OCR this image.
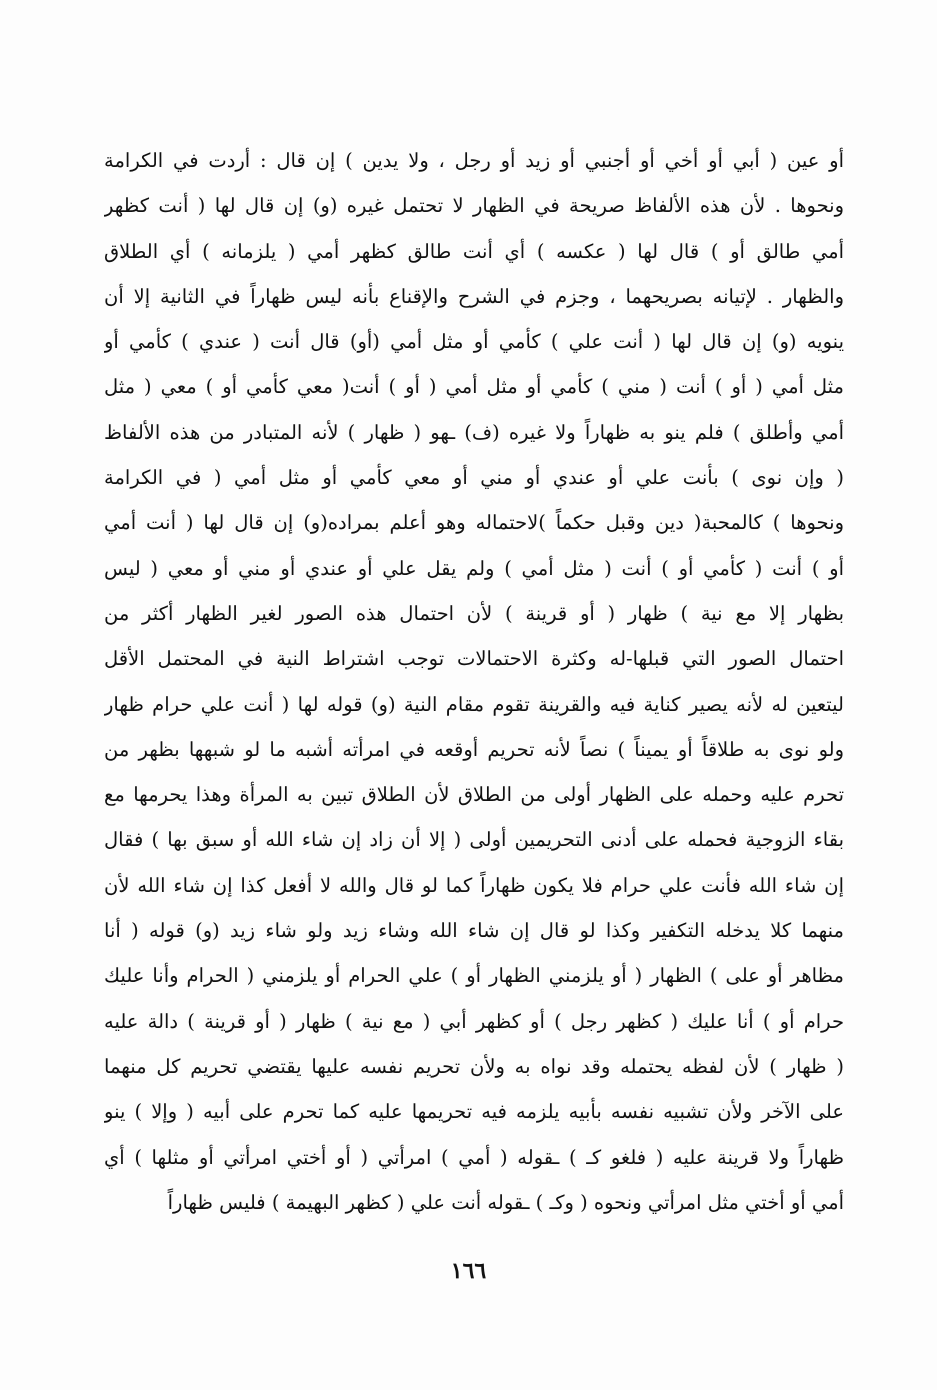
أو عين ( أبي أو أخي أو أجنبي أو زيد أو رجل ، ولا يدين ) إن قال : أردت في الكرامة
ونحوها . لأن هذه الألفاظ صريحة في الظهار لا تحتمل غيره (و) إن قال لها ( أنت كظهر
أمي طالق أو ) قال لها ( عكسه ) أي أنت طالق كظهر أمي ( يلزمانه ) أي الطلاق
والظهار . لإتيانه بصريحهما ، وجزم في الشرح والإقناع بأنه ليس ظهاراً في الثانية إلا أن
ينويه (و) إن قال لها ( أنت علي ) كأمي أو مثل أمي (أو) قال أنت ( عندي ) كأمي أو
مثل أمي ( أو ) أنت ( مني ) كأمي أو مثل أمي ( أو ) أنت( معي كأمي أو ) معي ( مثل
أمي وأطلق ) فلم ينو به ظهاراً ولا غيره (ف) ـهو ( ظهار ) لأنه المتبادر من هذه الألفاظ
( وإن نوى ) بأنت علي أو عندي أو مني أو معي كأمي أو مثل أمي ( في الكرامة
ونحوها ) كالمحبة( دين وقبل حكماً )لاحتماله وهو أعلم بمراده(و) إن قال لها ( أنت أمي
أو ) أنت ( كأمي أو ) أنت ( مثل أمي ) ولم يقل علي أو عندي أو مني أو معي ( ليس
بظهار إلا مع نية ) ظهار ( أو قرينة ) لأن احتمال هذه الصور لغير الظهار أكثر من
احتمال الصور التي قبلها-له وكثرة الاحتمالات توجب اشتراط النية في المحتمل الأقل
ليتعين له لأنه يصير كناية فيه والقرينة تقوم مقام النية (و) قوله لها ( أنت علي حرام ظهار
ولو نوى به طلاقاً أو يميناً ) نصاً لأنه تحريم أوقعه في امرأته أشبه ما لو شبهها بظهر من
تحرم عليه وحمله على الظهار أولى من الطلاق لأن الطلاق تبين به المرأة وهذا يحرمها مع
بقاء الزوجية فحمله على أدنى التحريمين أولى ( إلا أن زاد إن شاء الله أو سبق بها ) فقال
إن شاء الله فأنت علي حرام فلا يكون ظهاراً كما لو قال والله لا أفعل كذا إن شاء الله لأن
منهما كلا يدخله التكفير وكذا لو قال إن شاء الله وشاء زيد ولو شاء زيد (و) قوله ( أنا
مظاهر أو على ) الظهار ( أو يلزمني الظهار أو ) علي الحرام أو يلزمني ( الحرام وأنا عليك
حرام أو ) أنا عليك ( كظهر رجل ) أو كظهر أبي ( مع نية ) ظهار ( أو قرينة ) دالة عليه
( ظهار ) لأن لفظه يحتمله وقد نواه به ولأن تحريم نفسه عليها يقتضي تحريم كل منهما
على الآخر ولأن تشبيه نفسه بأبيه يلزمه فيه تحريمها عليه كما تحرم على أبيه ( وإلا ) ينو
ظهاراً ولا قرينة عليه ( فلغو كـ ) ـقوله ( أمي ) امرأتي ( أو أختي امرأتي أو مثلها ) أي
أمي أو أختي مثل امرأتي ونحوه ( وكـ ) ـقوله أنت علي ( كظهر البهيمة ) فليس ظهاراً
١٦٦
